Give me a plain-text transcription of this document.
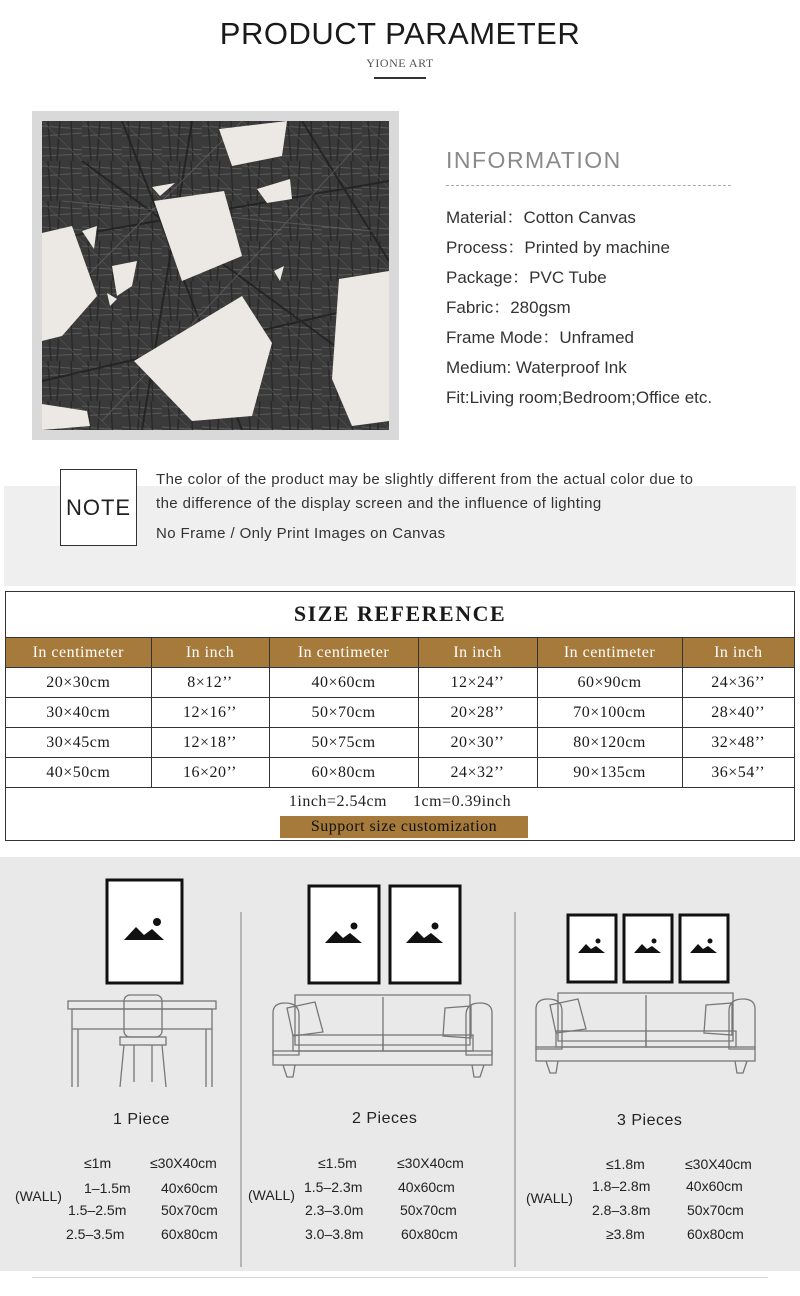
PRODUCT PARAMETER
YIONE ART
INFORMATION
Material：Cotton Canvas
Process：Printed by machine
Package：PVC Tube
Fabric：280gsm
Frame Mode：Unframed
Medium: Waterproof Ink
Fit:Living room;Bedroom;Office etc.
NOTE
The color of the product may be slightly different from the actual color due to
the difference of the display screen and the influence of lighting
No Frame / Only Print Images on Canvas
SIZE REFERENCE
In centimeter	In inch	In centimeter	In inch	In centimeter	In inch
20×30cm	8×12’’	40×60cm	12×24’’	60×90cm	24×36’’
30×40cm	12×16’’	50×70cm	20×28’’	70×100cm	28×40’’
30×45cm	12×18’’	50×75cm	20×30’’	80×120cm	32×48’’
40×50cm	16×20’’	60×80cm	24×32’’	90×135cm	36×54’’
1inch=2.54cm 1cm=0.39inch
Support size customization
1 Piece	2 Pieces	3 Pieces
(WALL)	(WALL)	(WALL)
≤1m	≤30X40cm
1–1.5m 40x60cm
1.5–2.5m 50x70cm
2.5–3.5m	60x80cm
≤1.5m	≤30X40cm
1.5–2.3m	40x60cm
2.3–3.0m	50x70cm
3.0–3.8m	60x80cm
≤1.8m	≤30X40cm
1.8–2.8m	40x60cm
2.8–3.8m	50x70cm
≥3.8m	60x80cm
